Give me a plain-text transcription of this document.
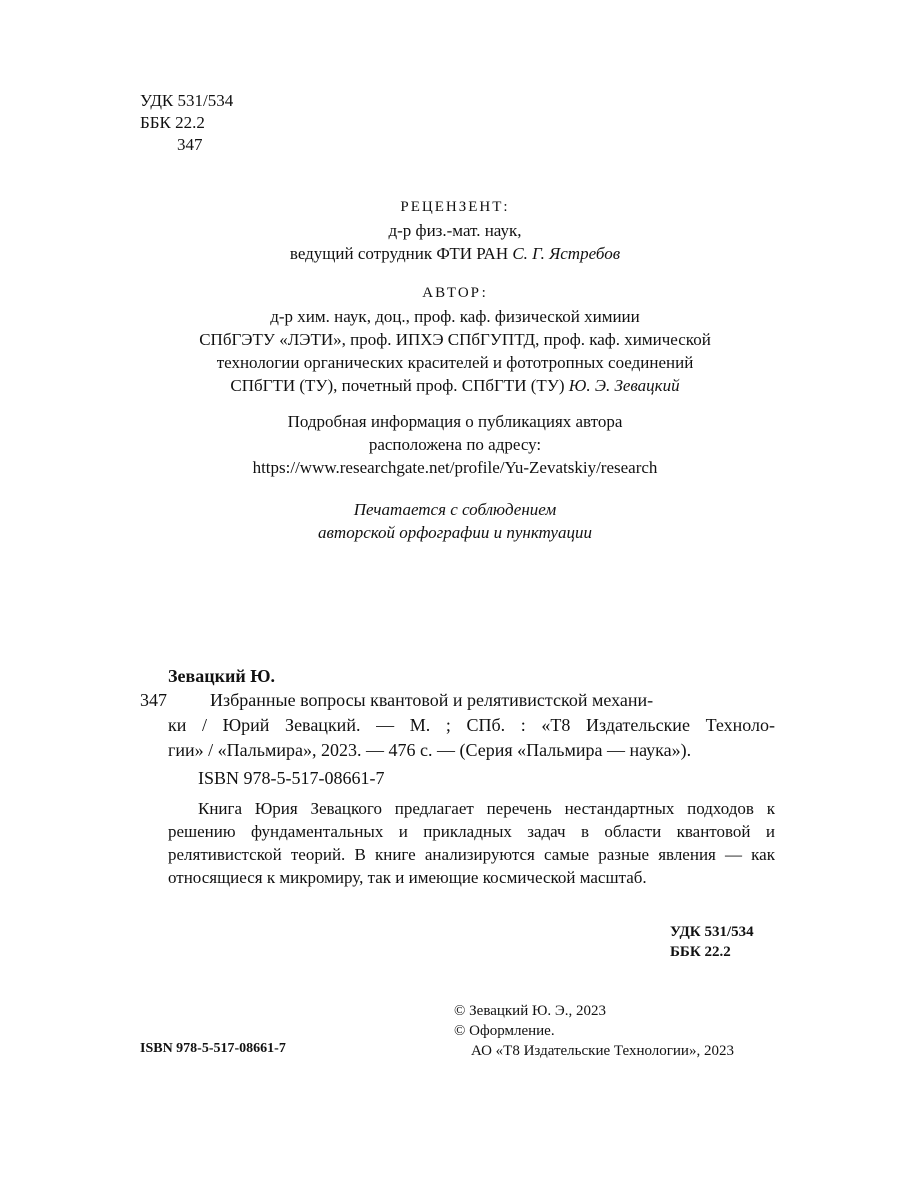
УДК 531/534
ББК 22.2
347
РЕЦЕНЗЕНТ:
д-р физ.-мат. наук,
ведущий сотрудник ФТИ РАН С. Г. Ястребов
АВТОР:
д-р хим. наук, доц., проф. каф. физической химиии
СПбГЭТУ «ЛЭТИ», проф. ИПХЭ СПбГУПТД, проф. каф. химической
технологии органических красителей и фототропных соединений
СПбГТИ (ТУ), почетный проф. СПбГТИ (ТУ) Ю. Э. Зевацкий
Подробная информация о публикациях автора
расположена по адресу:
https://www.researchgate.net/profile/Yu-Zevatskiy/research
Печатается с соблюдением
авторской орфографии и пунктуации
Зевацкий Ю.
347	Избранные вопросы квантовой и релятивистской механи-
ки / Юрий Зевацкий. — М. ; СПб. : «Т8 Издательские Техноло-
гии» / «Пальмира», 2023. — 476 с. — (Серия «Пальмира — наука»).
ISBN 978-5-517-08661-7

Книга Юрия Зевацкого предлагает перечень нестандартных подходов к решению фундаментальных и прикладных задач в области квантовой и релятивистской теорий. В книге анализируются самые разные явления — как относящиеся к микромиру, так и имеющие космической масштаб.

УДК 531/534
ББК 22.2
© Зевацкий Ю. Э., 2023
© Оформление.
АО «Т8 Издательские Технологии», 2023
ISBN 978-5-517-08661-7
